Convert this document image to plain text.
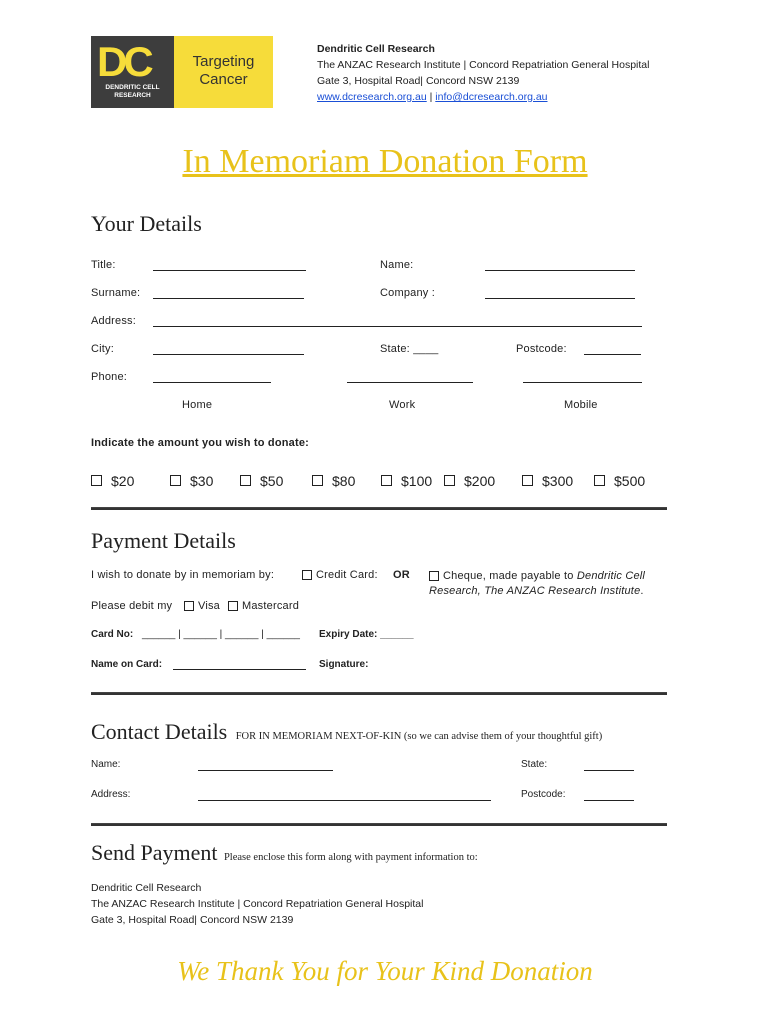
DC
DENDRITIC CELL
RESEARCH
Targeting
Cancer
Dendritic Cell Research
The ANZAC Research Institute | Concord Repatriation General Hospital
Gate 3, Hospital Road| Concord NSW 2139
www.dcresearch.org.au | info@dcresearch.org.au
In Memoriam Donation Form
Your Details
Title:	Name:
Surname:	Company :
Address:
City:	State: ____	Postcode:
Phone:
Home	Work	Mobile
Indicate the amount you wish to donate:
$20	$30	$50	$80	$100	$200	$300	$500
Payment Details
I wish to donate by in memoriam by:	Credit Card: OR	Cheque, made payable to Dendritic Cell
Research, The ANZAC Research Institute.
Please debit my	Visa	Mastercard
Card No: ______ | ______ | ______ | ______ Expiry Date: ______
Name on Card:	Signature:
Contact Details FOR IN MEMORIAM NEXT-OF-KIN (so we can advise them of your thoughtful gift)
Name:	State:
Address:	Postcode:
Send Payment Please enclose this form along with payment information to:
Dendritic Cell Research
The ANZAC Research Institute | Concord Repatriation General Hospital
Gate 3, Hospital Road| Concord NSW 2139
We Thank You for Your Kind Donation
